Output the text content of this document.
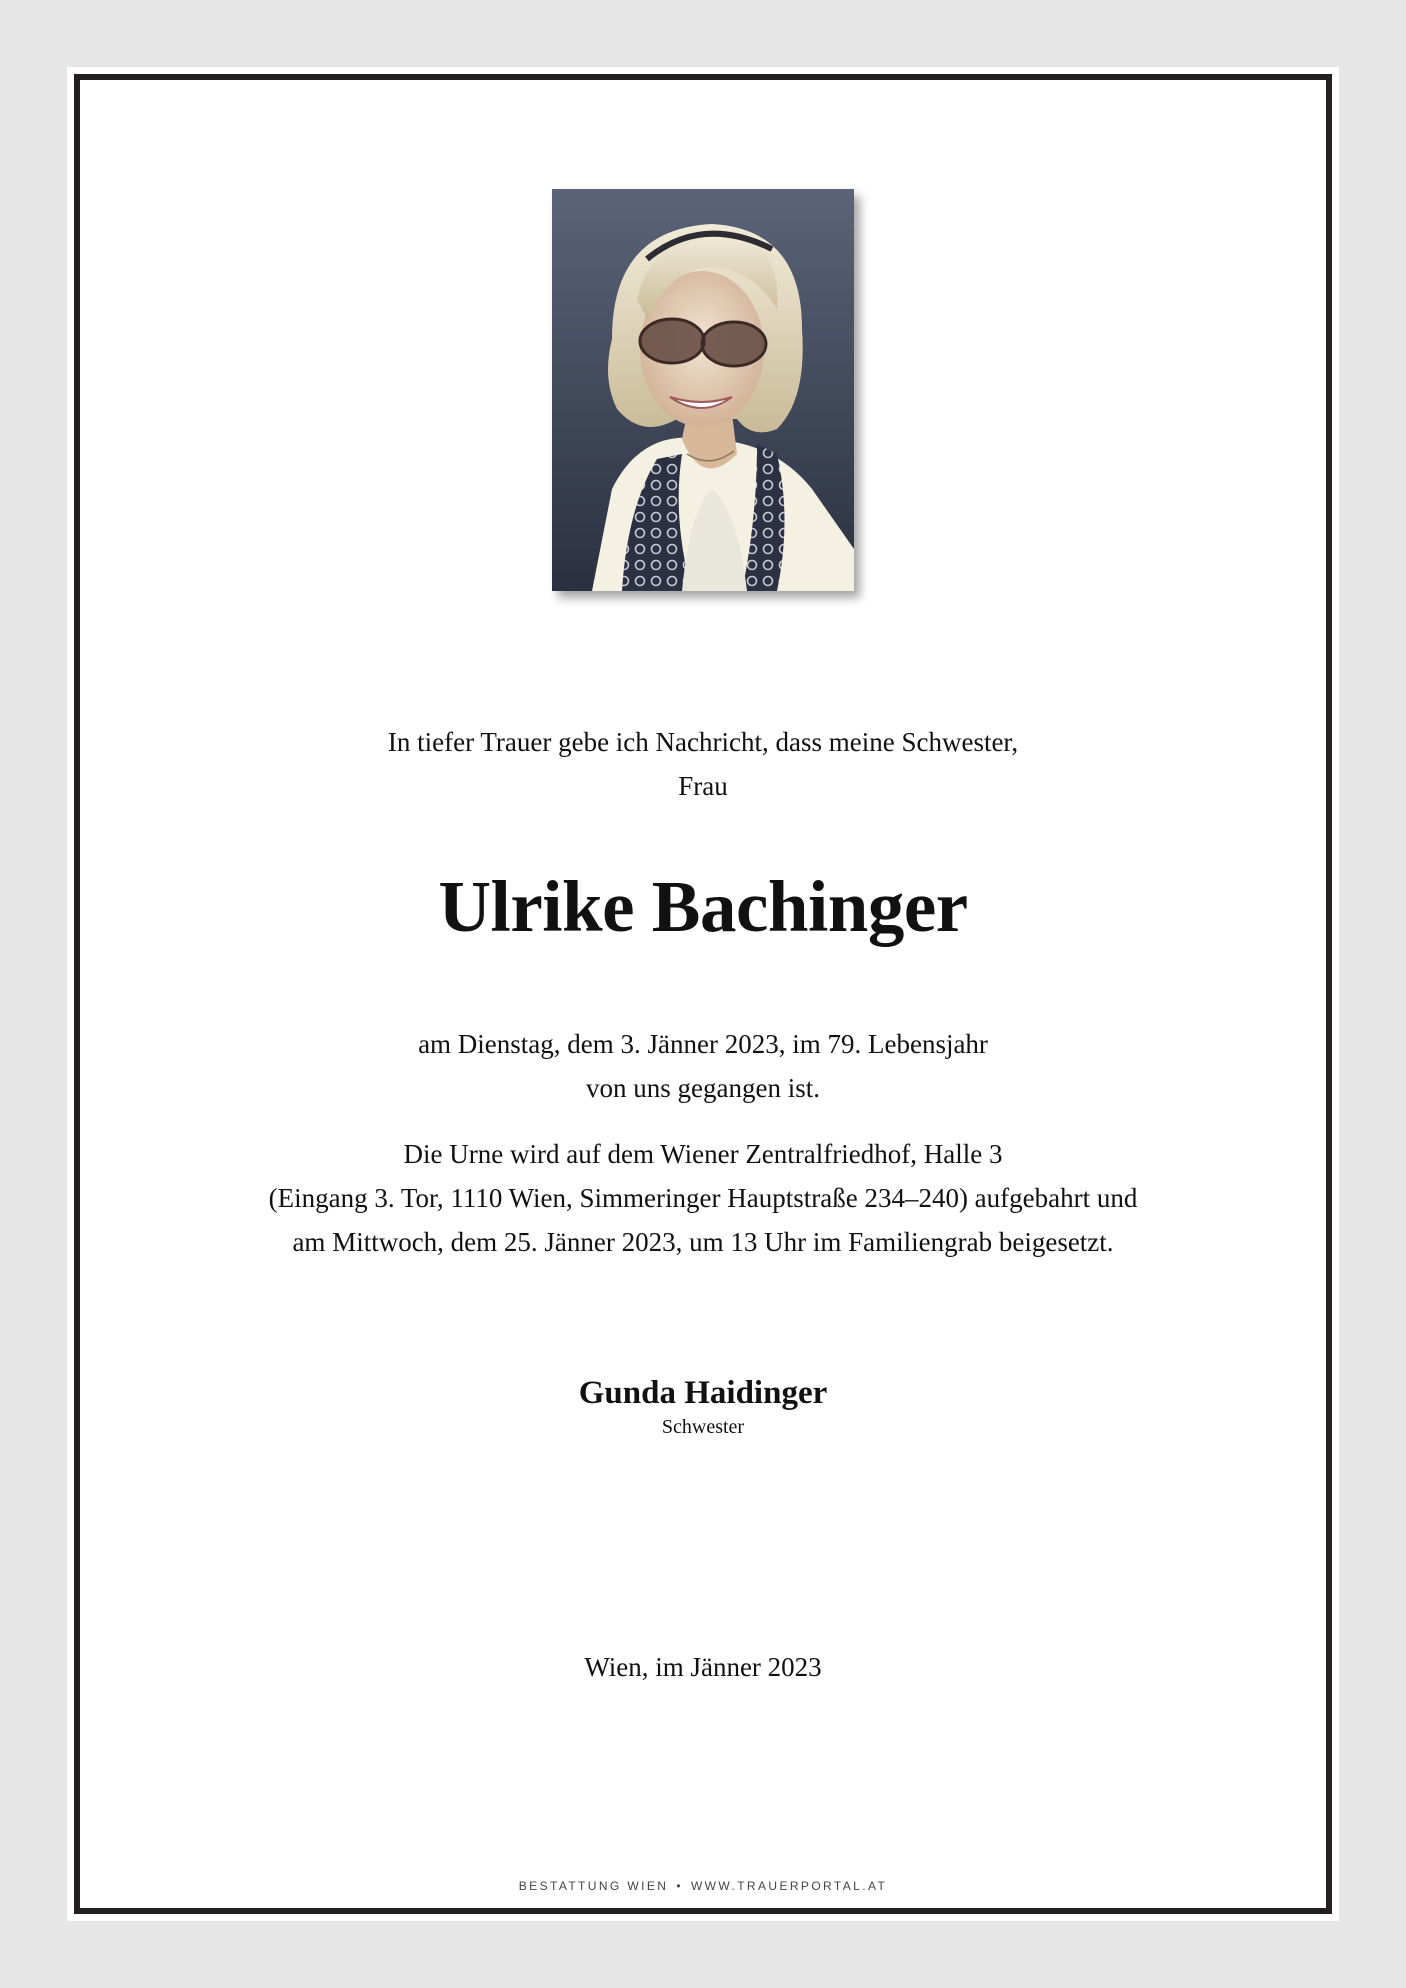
In tiefer Trauer gebe ich Nachricht, dass meine Schwester,
Frau
Ulrike Bachinger
am Dienstag, dem 3. Jänner 2023, im 79. Lebensjahr
von uns gegangen ist.
Die Urne wird auf dem Wiener Zentralfriedhof, Halle 3
(Eingang 3. Tor, 1110 Wien, Simmeringer Hauptstraße 234–240) aufgebahrt und
am Mittwoch, dem 25. Jänner 2023, um 13 Uhr im Familiengrab beigesetzt.
Gunda Haidinger
Schwester
Wien, im Jänner 2023
BESTATTUNG WIEN • WWW.TRAUERPORTAL.AT
